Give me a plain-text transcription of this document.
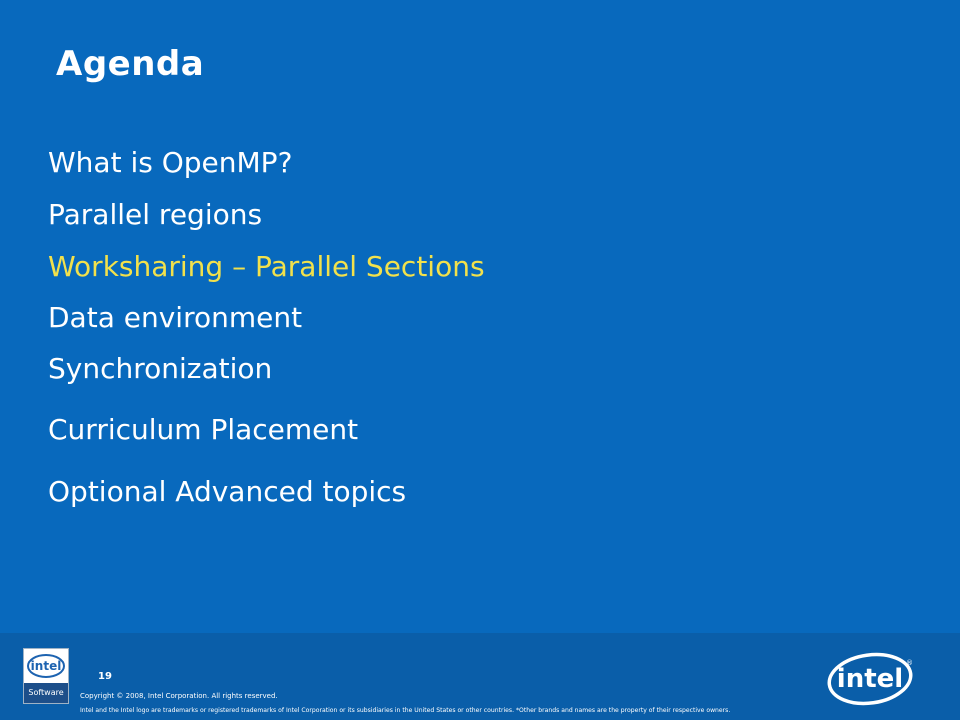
Agenda
What is OpenMP?
Parallel regions
Worksharing – Parallel Sections
Data environment
Synchronization
Curriculum Placement
Optional Advanced topics
intel
Software
19
Copyright © 2008, Intel Corporation. All rights reserved.
Intel and the Intel logo are trademarks or registered trademarks of Intel Corporation or its subsidiaries in the United States or other countries. *Other brands and names are the property of their respective owners.
intel
®
